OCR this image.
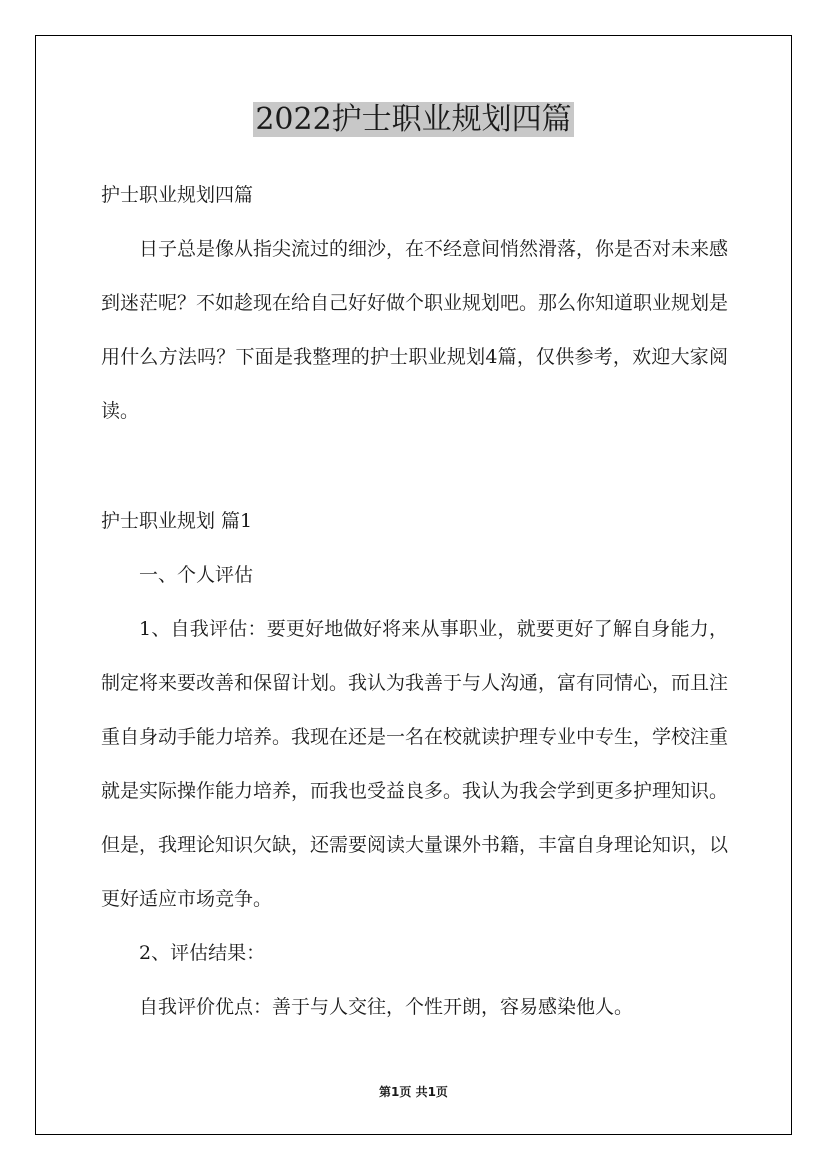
2022护士职业规划四篇
护士职业规划四篇
日子总是像从指尖流过的细沙，在不经意间悄然滑落，你是否对未来感到迷茫呢？不如趁现在给自己好好做个职业规划吧。那么你知道职业规划是用什么方法吗？下面是我整理的护士职业规划4篇，仅供参考，欢迎大家阅读。
护士职业规划 篇1
一、个人评估
1、自我评估：要更好地做好将来从事职业，就要更好了解自身能力，制定将来要改善和保留计划。我认为我善于与人沟通，富有同情心，而且注重自身动手能力培养。我现在还是一名在校就读护理专业中专生，学校注重就是实际操作能力培养，而我也受益良多。我认为我会学到更多护理知识。但是，我理论知识欠缺，还需要阅读大量课外书籍，丰富自身理论知识，以更好适应市场竞争。
2、评估结果：
自我评价优点：善于与人交往，个性开朗，容易感染他人。
第1页 共1页
